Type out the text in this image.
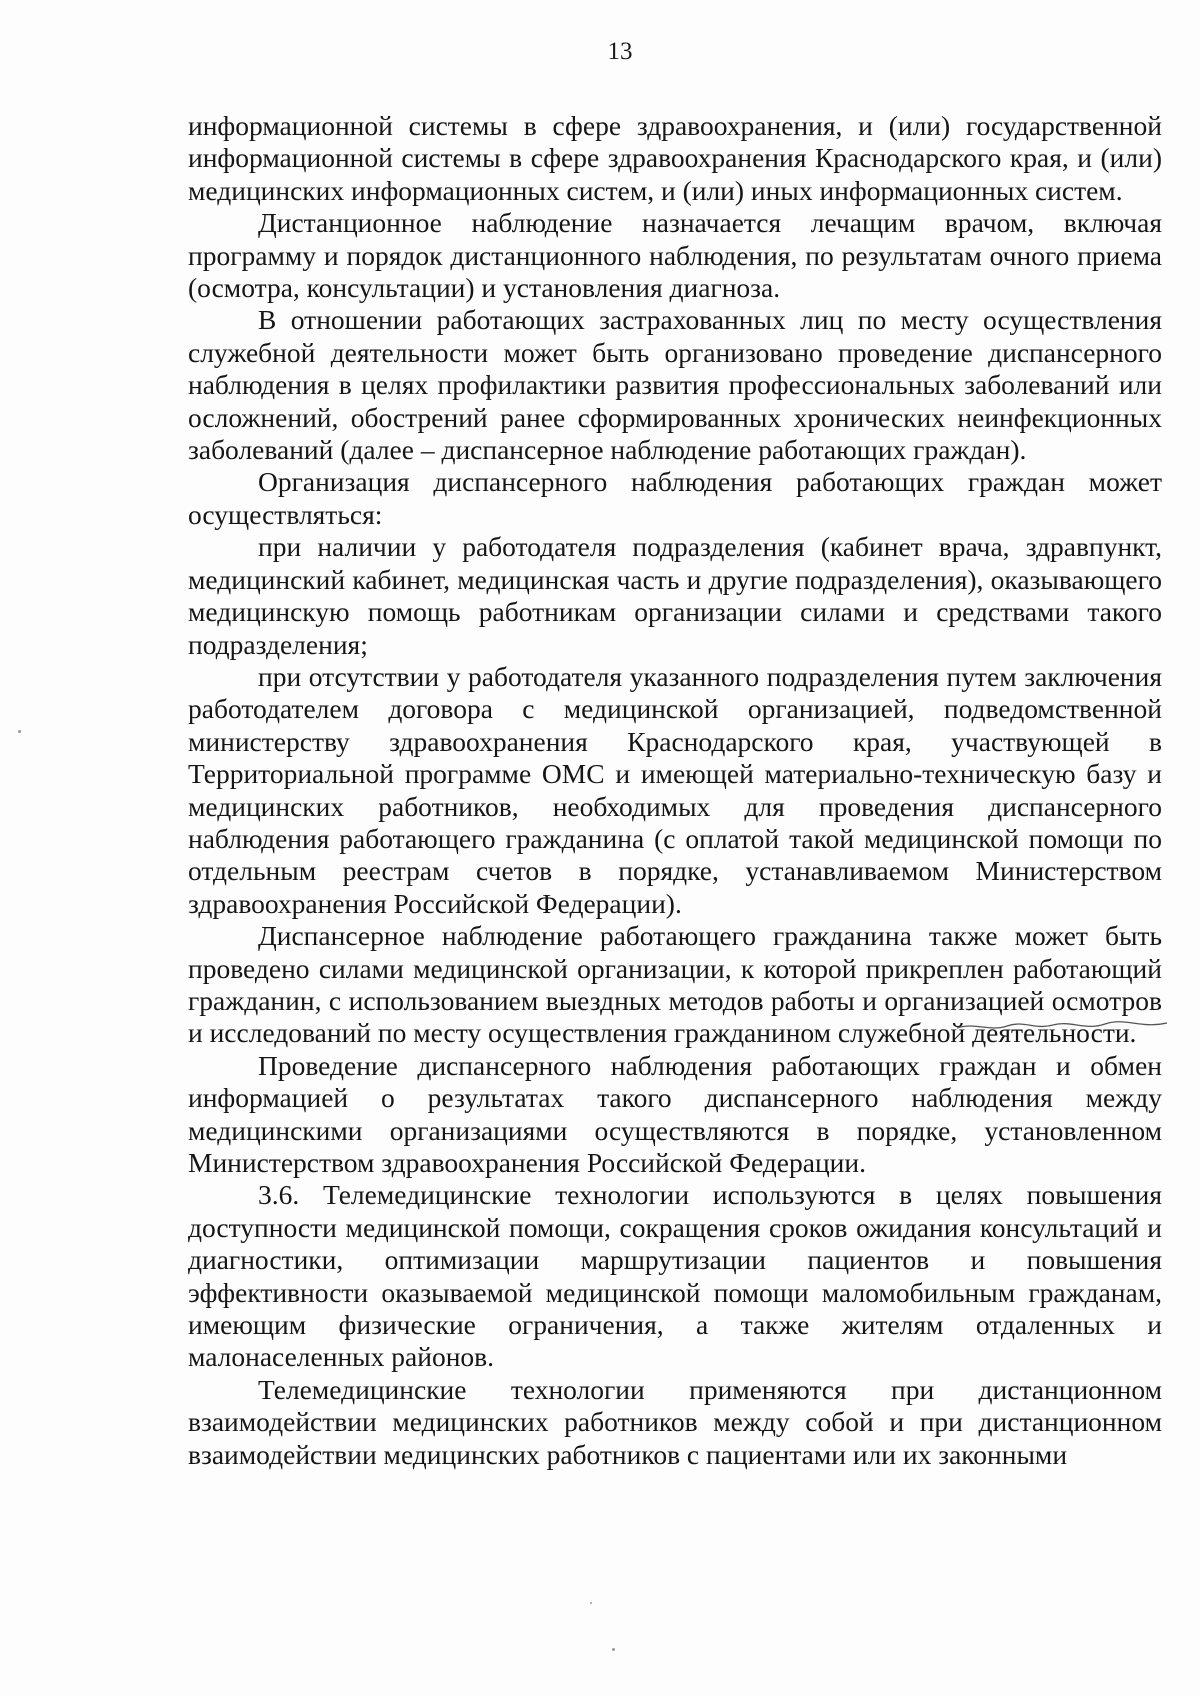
13

информационной системы в сфере здравоохранения, и (или) государственной информационной системы в сфере здравоохранения Краснодарского края, и (или) медицинских информационных систем, и (или) иных информационных систем.

Дистанционное наблюдение назначается лечащим врачом, включая программу и порядок дистанционного наблюдения, по результатам очного приема (осмотра, консультации) и установления диагноза.

В отношении работающих застрахованных лиц по месту осуществления служебной деятельности может быть организовано проведение диспансерного наблюдения в целях профилактики развития профессиональных заболеваний или осложнений, обострений ранее сформированных хронических неинфекционных заболеваний (далее – диспансерное наблюдение работающих граждан).

Организация диспансерного наблюдения работающих граждан может осуществляться:

при наличии у работодателя подразделения (кабинет врача, здравпункт, медицинский кабинет, медицинская часть и другие подразделения), оказывающего медицинскую помощь работникам организации силами и средствами такого подразделения;

при отсутствии у работодателя указанного подразделения путем заключения работодателем договора с медицинской организацией, подведомственной министерству здравоохранения Краснодарского края, участвующей в Территориальной программе ОМС и имеющей материально-техническую базу и медицинских работников, необходимых для проведения диспансерного наблюдения работающего гражданина (с оплатой такой медицинской помощи по отдельным реестрам счетов в порядке, устанавливаемом Министерством здравоохранения Российской Федерации).

Диспансерное наблюдение работающего гражданина также может быть проведено силами медицинской организации, к которой прикреплен работающий гражданин, с использованием выездных методов работы и организацией осмотров и исследований по месту осуществления гражданином служебной деятельности.

Проведение диспансерного наблюдения работающих граждан и обмен информацией о результатах такого диспансерного наблюдения между медицинскими организациями осуществляются в порядке, установленном Министерством здравоохранения Российской Федерации.

3.6. Телемедицинские технологии используются в целях повышения доступности медицинской помощи, сокращения сроков ожидания консультаций и диагностики, оптимизации маршрутизации пациентов и повышения эффективности оказываемой медицинской помощи маломобильным гражданам, имеющим физические ограничения, а также жителям отдаленных и малонаселенных районов.

Телемедицинские технологии применяются при дистанционном взаимодействии медицинских работников между собой и при дистанционном взаимодействии медицинских работников с пациентами или их законными
